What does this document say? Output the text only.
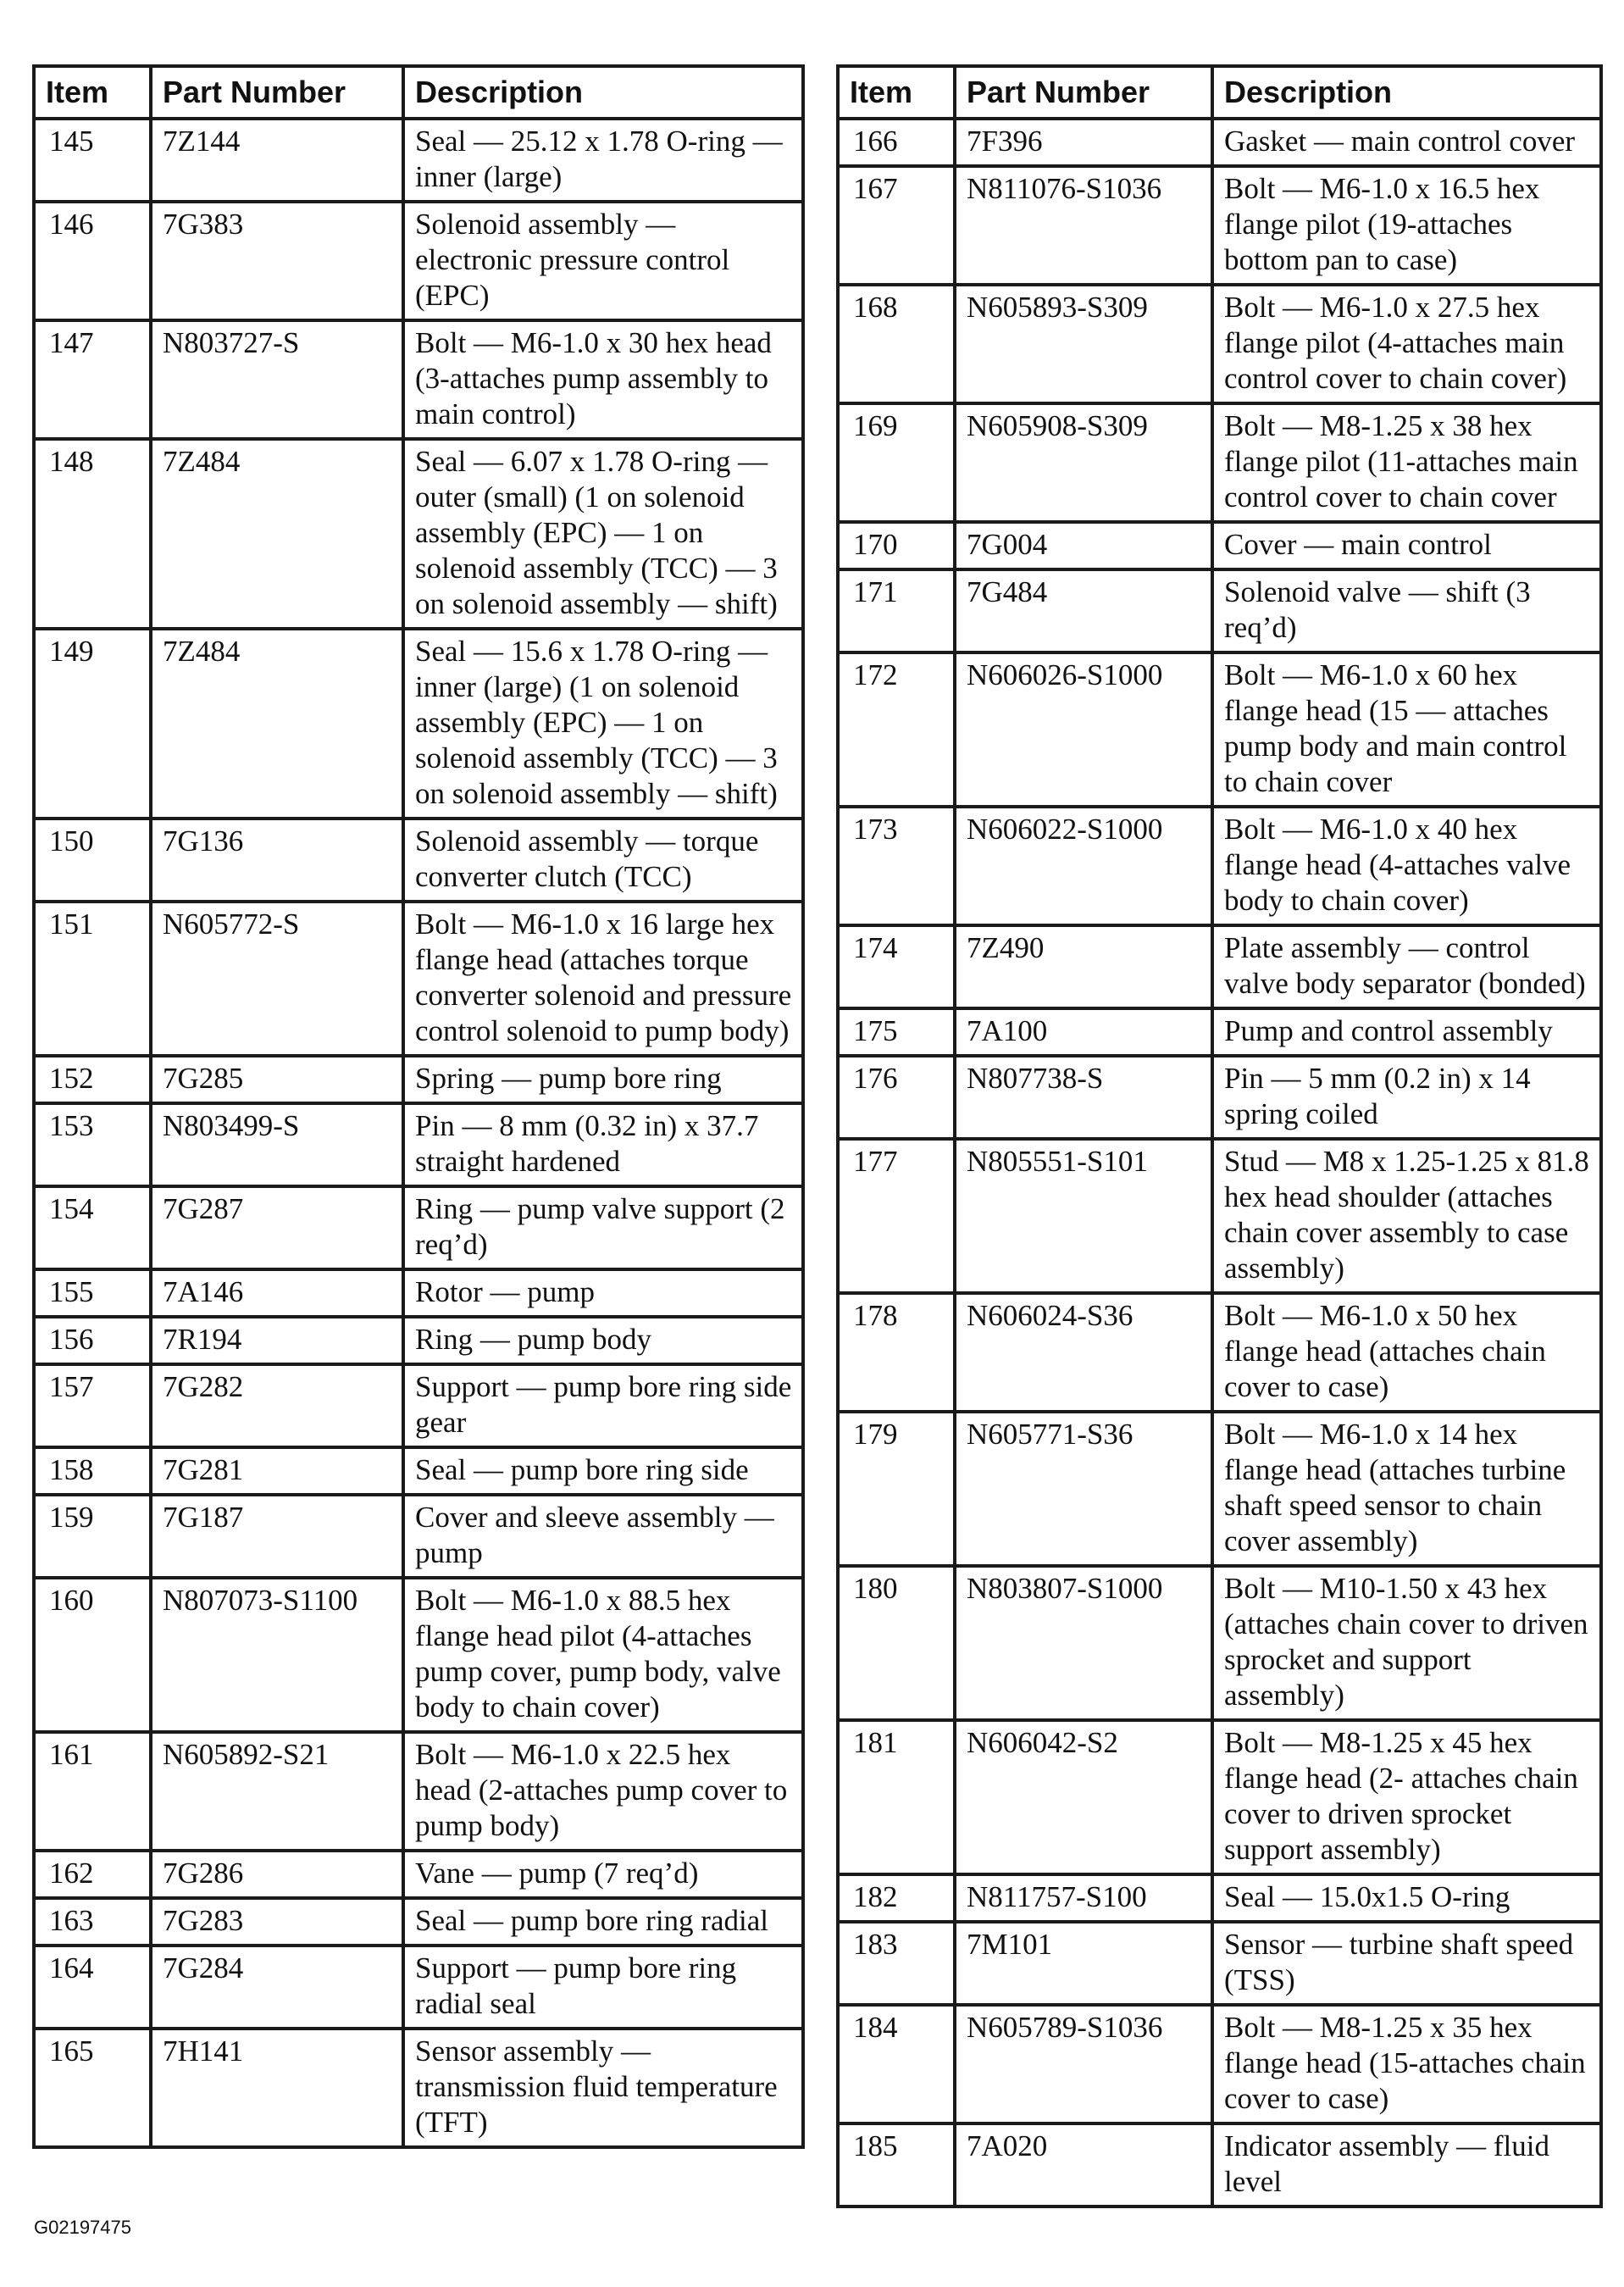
Item	Part Number	Description
145	7Z144	Seal — 25.12 x 1.78 O-ring — inner (large)
146	7G383	Solenoid assembly — electronic pressure control (EPC)
147	N803727-S	Bolt — M6-1.0 x 30 hex head (3-attaches pump assembly to main control)
148	7Z484	Seal — 6.07 x 1.78 O-ring — outer (small) (1 on solenoid assembly (EPC) — 1 on solenoid assembly (TCC) — 3 on solenoid assembly — shift)
149	7Z484	Seal — 15.6 x 1.78 O-ring — inner (large) (1 on solenoid assembly (EPC) — 1 on solenoid assembly (TCC) — 3 on solenoid assembly — shift)
150	7G136	Solenoid assembly — torque converter clutch (TCC)
151	N605772-S	Bolt — M6-1.0 x 16 large hex flange head (attaches torque converter solenoid and pressure control solenoid to pump body)
152	7G285	Spring — pump bore ring
153	N803499-S	Pin — 8 mm (0.32 in) x 37.7 straight hardened
154	7G287	Ring — pump valve support (2 req’d)
155	7A146	Rotor — pump
156	7R194	Ring — pump body
157	7G282	Support — pump bore ring side gear
158	7G281	Seal — pump bore ring side
159	7G187	Cover and sleeve assembly — pump
160	N807073-S1100	Bolt — M6-1.0 x 88.5 hex flange head pilot (4-attaches pump cover, pump body, valve body to chain cover)
161	N605892-S21	Bolt — M6-1.0 x 22.5 hex head (2-attaches pump cover to pump body)
162	7G286	Vane — pump (7 req’d)
163	7G283	Seal — pump bore ring radial
164	7G284	Support — pump bore ring radial seal
165	7H141	Sensor assembly — transmission fluid temperature (TFT)
Item	Part Number	Description
166	7F396	Gasket — main control cover
167	N811076-S1036	Bolt — M6-1.0 x 16.5 hex flange pilot (19-attaches bottom pan to case)
168	N605893-S309	Bolt — M6-1.0 x 27.5 hex flange pilot (4-attaches main control cover to chain cover)
169	N605908-S309	Bolt — M8-1.25 x 38 hex flange pilot (11-attaches main control cover to chain cover
170	7G004	Cover — main control
171	7G484	Solenoid valve — shift (3 req’d)
172	N606026-S1000	Bolt — M6-1.0 x 60 hex flange head (15 — attaches pump body and main control to chain cover
173	N606022-S1000	Bolt — M6-1.0 x 40 hex flange head (4-attaches valve body to chain cover)
174	7Z490	Plate assembly — control valve body separator (bonded)
175	7A100	Pump and control assembly
176	N807738-S	Pin — 5 mm (0.2 in) x 14 spring coiled
177	N805551-S101	Stud — M8 x 1.25-1.25 x 81.8 hex head shoulder (attaches chain cover assembly to case assembly)
178	N606024-S36	Bolt — M6-1.0 x 50 hex flange head (attaches chain cover to case)
179	N605771-S36	Bolt — M6-1.0 x 14 hex flange head (attaches turbine shaft speed sensor to chain cover assembly)
180	N803807-S1000	Bolt — M10-1.50 x 43 hex (attaches chain cover to driven sprocket and support assembly)
181	N606042-S2	Bolt — M8-1.25 x 45 hex flange head (2- attaches chain cover to driven sprocket support assembly)
182	N811757-S100	Seal — 15.0x1.5 O-ring
183	7M101	Sensor — turbine shaft speed (TSS)
184	N605789-S1036	Bolt — M8-1.25 x 35 hex flange head (15-attaches chain cover to case)
185	7A020	Indicator assembly — fluid level
G02197475
